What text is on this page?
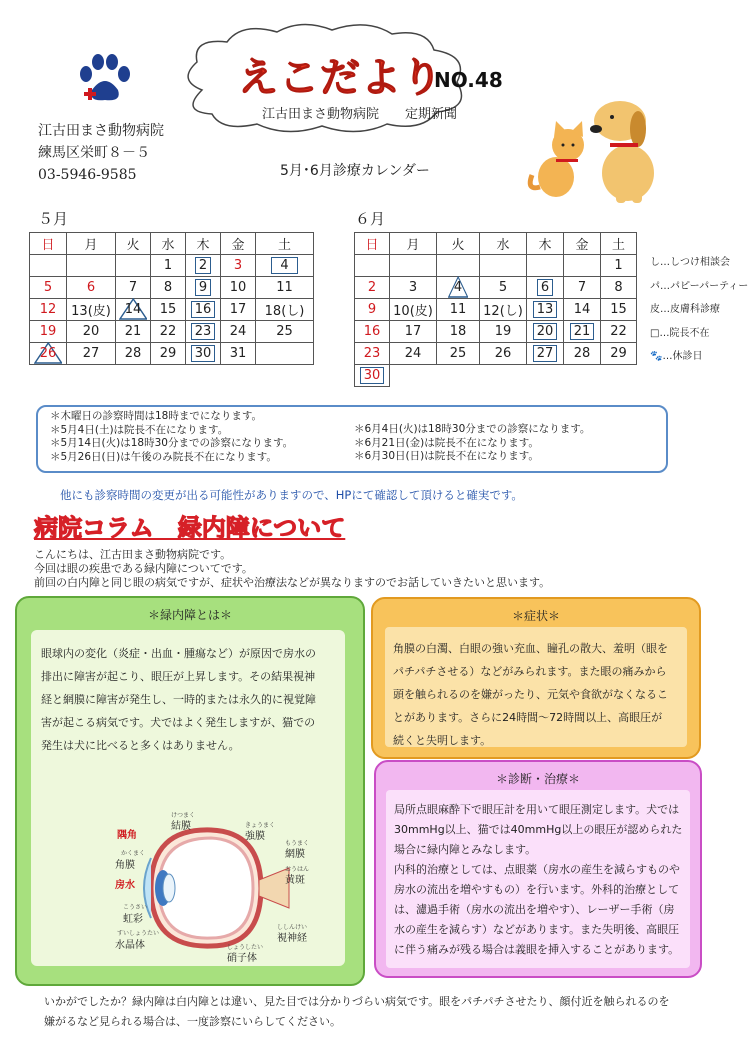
えこだより
NO.48
江古田まさ動物病院　　定期新聞
江古田まさ動物病院
練馬区栄町８－５
03-5946-9585	5月･6月診療カレンダー
５月	６月
日	月	火	水	木	金	土
			1	2	3	4
5	6	7	8	9	10	11
12	13(皮)	14	15	16	17	18(し)
19	20	21	22	23	24	25

26	27	28	29	30	31	
日	月	火	水	木	金	土
						1
2	3	4	5	6	7	8
9	10(皮)	11	12(し)	13	14	15
16	17	18	19	20	21	22
23	24	25	26	27	28	29
30						
し…しつけ相談会
パ…パピーパーティー
皮…皮膚科診療
□…院長不在
🐾…休診日
＊木曜日の診察時間は18時までになります。
＊5月4日(土)は院長不在になります。
＊5月14日(火)は18時30分までの診察になります。
＊5月26日(日)は午後のみ院長不在になります。
＊6月4日(火)は18時30分までの診察になります。
＊6月21日(金)は院長不在になります。
＊6月30日(日)は院長不在になります。
他にも診察時間の変更が出る可能性がありますので、HPにて確認して頂けると確実です。
病院コラム　緑内障について
こんにちは、江古田まさ動物病院です。
今回は眼の疾患である緑内障についてです。
前回の白内障と同じ眼の病気ですが、症状や治療法などが異なりますのでお話していきたいと思います。
＊緑内障とは＊
眼球内の変化（炎症・出血・腫瘍など）が原因で房水の
排出に障害が起こり、眼圧が上昇します。その結果視神
経と網膜に障害が発生し、一時的または永久的に視覚障
害が起こる病気です。犬ではよく発生しますが、猫での
発生は犬に比べると多くはありません。
隅角
かくまく
角膜
房水
こうさい
虹彩
すいしょうたい
水晶体
けつまく
結膜	きょうまく
強膜
もうまく
網膜
おうはん
黄斑
ししんけい
視神経
しょうしたい
硝子体
＊症状＊
角膜の白濁、白眼の強い充血、瞳孔の散大、羞明（眼を
パチパチさせる）などがみられます。また眼の痛みから
頭を触られるのを嫌がったり、元気や食欲がなくなるこ
とがあります。さらに24時間～72時間以上、高眼圧が
続くと失明します。
＊診断・治療＊
局所点眼麻酔下で眼圧計を用いて眼圧測定します。犬では
30mmHg以上、猫では40mmHg以上の眼圧が認められた
場合に緑内障とみなします。
内科的治療としては、点眼薬（房水の産生を減らすものや
房水の流出を増やすもの）を行います。外科的治療として
は、濾過手術（房水の流出を増やす）、レーザー手術（房
水の産生を減らす）などがあります。また失明後、高眼圧
に伴う痛みが残る場合は義眼を挿入することがあります。
いかがでしたか？緑内障は白内障とは違い、見た目では分かりづらい病気です。眼をパチパチさせたり、顔付近を触られるのを
嫌がるなど見られる場合は、一度診察にいらしてください。
